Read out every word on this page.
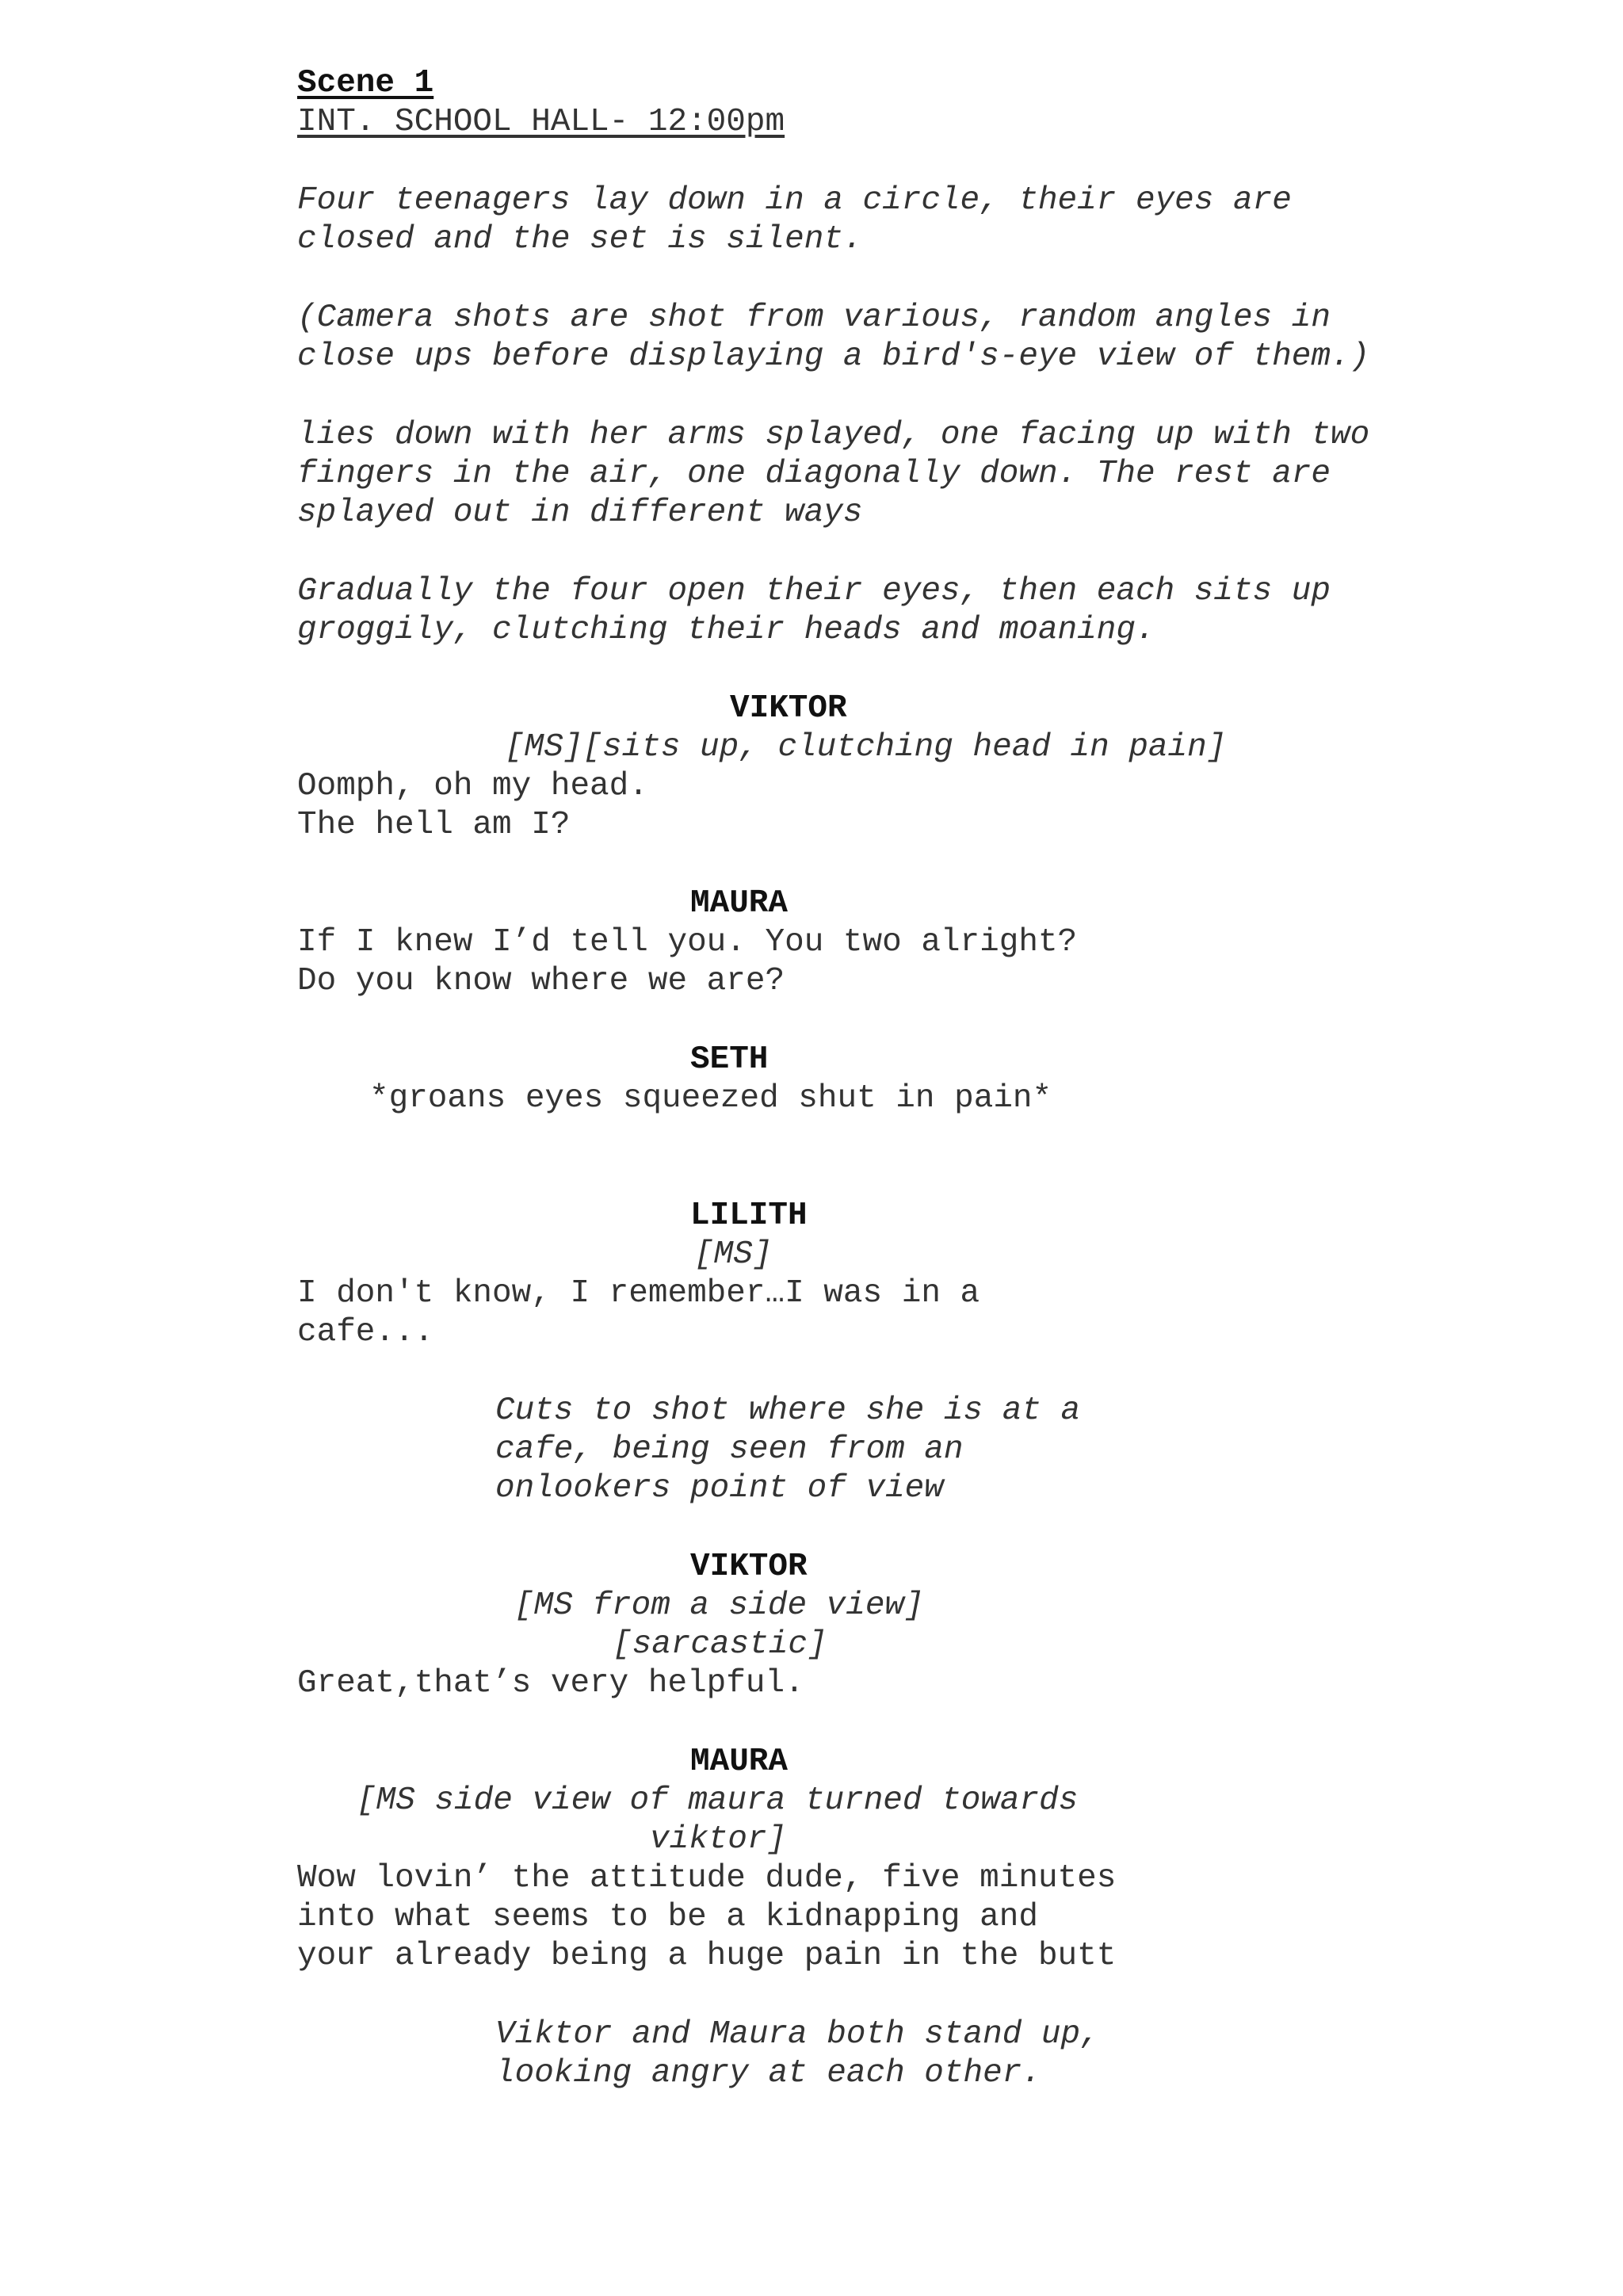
Scene 1
INT. SCHOOL HALL- 12:00pm
Four teenagers lay down in a circle, their eyes are
closed and the set is silent.
(Camera shots are shot from various, random angles in
close ups before displaying a bird's-eye view of them.)
lies down with her arms splayed, one facing up with two
fingers in the air, one diagonally down. The rest are
splayed out in different ways
Gradually the four open their eyes, then each sits up
groggily, clutching their heads and moaning.
VIKTOR
[MS][sits up, clutching head in pain]
Oomph, oh my head.
The hell am I?
MAURA
If I knew I’d tell you. You two alright?
Do you know where we are?
SETH
*groans eyes squeezed shut in pain*
LILITH
[MS]
I don't know, I remember…I was in a
cafe...
Cuts to shot where she is at a
cafe, being seen from an
onlookers point of view
VIKTOR
[MS from a side view]
[sarcastic]
Great,that’s very helpful.
MAURA
[MS side view of maura turned towards
viktor]
Wow lovin’ the attitude dude, five minutes
into what seems to be a kidnapping and
your already being a huge pain in the butt
Viktor and Maura both stand up,
looking angry at each other.
